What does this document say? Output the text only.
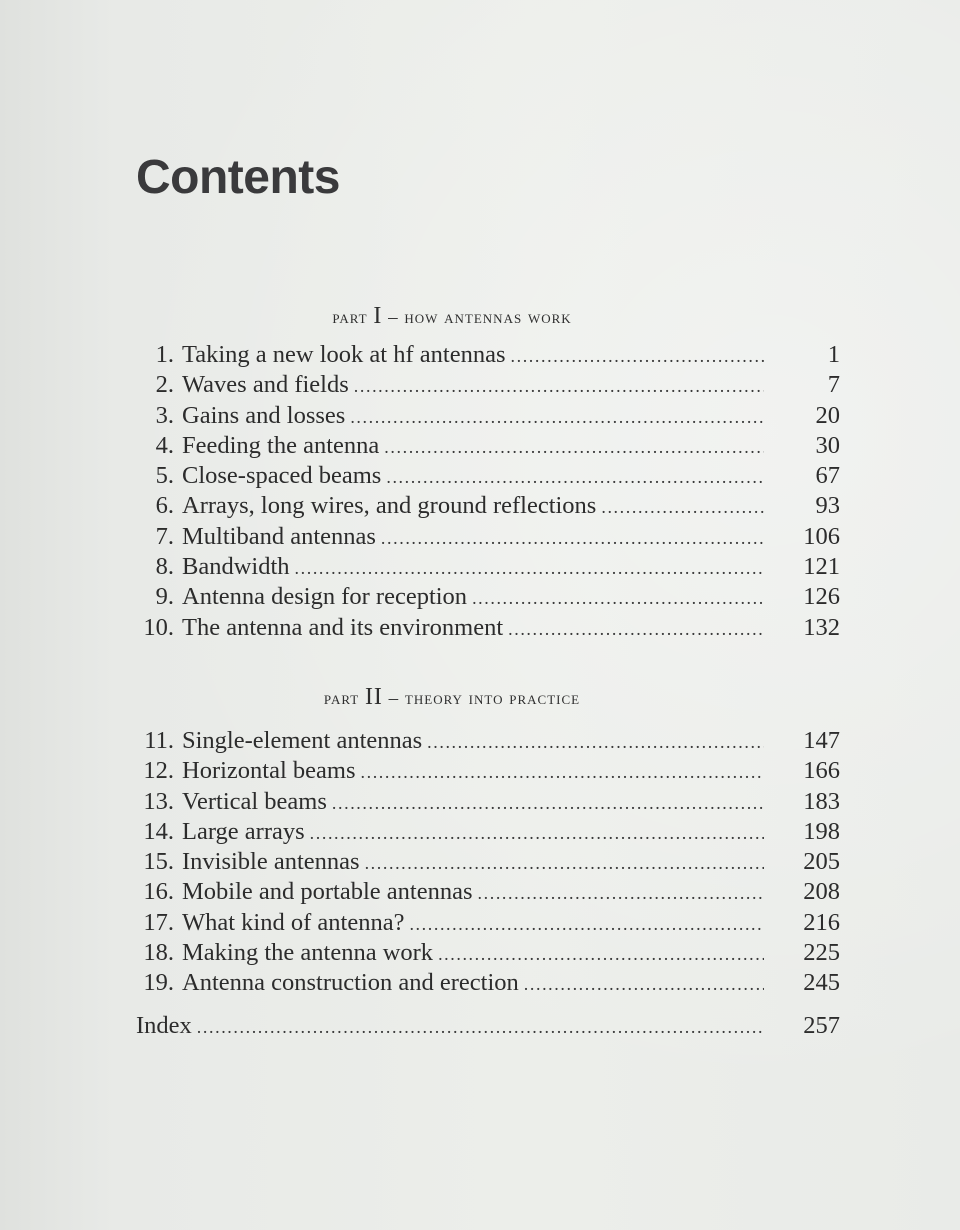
Contents
part I – how antennas work
1. Taking a new look at hf antennas .....	1
2. Waves and fields .....	7
3. Gains and losses .....	20
4. Feeding the antenna .....	30
5. Close-spaced beams .....	67
6. Arrays, long wires, and ground reflections .....	93
7. Multiband antennas .....	106
8. Bandwidth .....	121
9. Antenna design for reception .....	126
10. The antenna and its environment .....	132
part II – theory into practice
11. Single-element antennas .....	147
12. Horizontal beams .....	166
13. Vertical beams .....	183
14. Large arrays .....	198
15. Invisible antennas .....	205
16. Mobile and portable antennas .....	208
17. What kind of antenna? .....	216
18. Making the antenna work .....	225
19. Antenna construction and erection .....	245
Index .....	257
